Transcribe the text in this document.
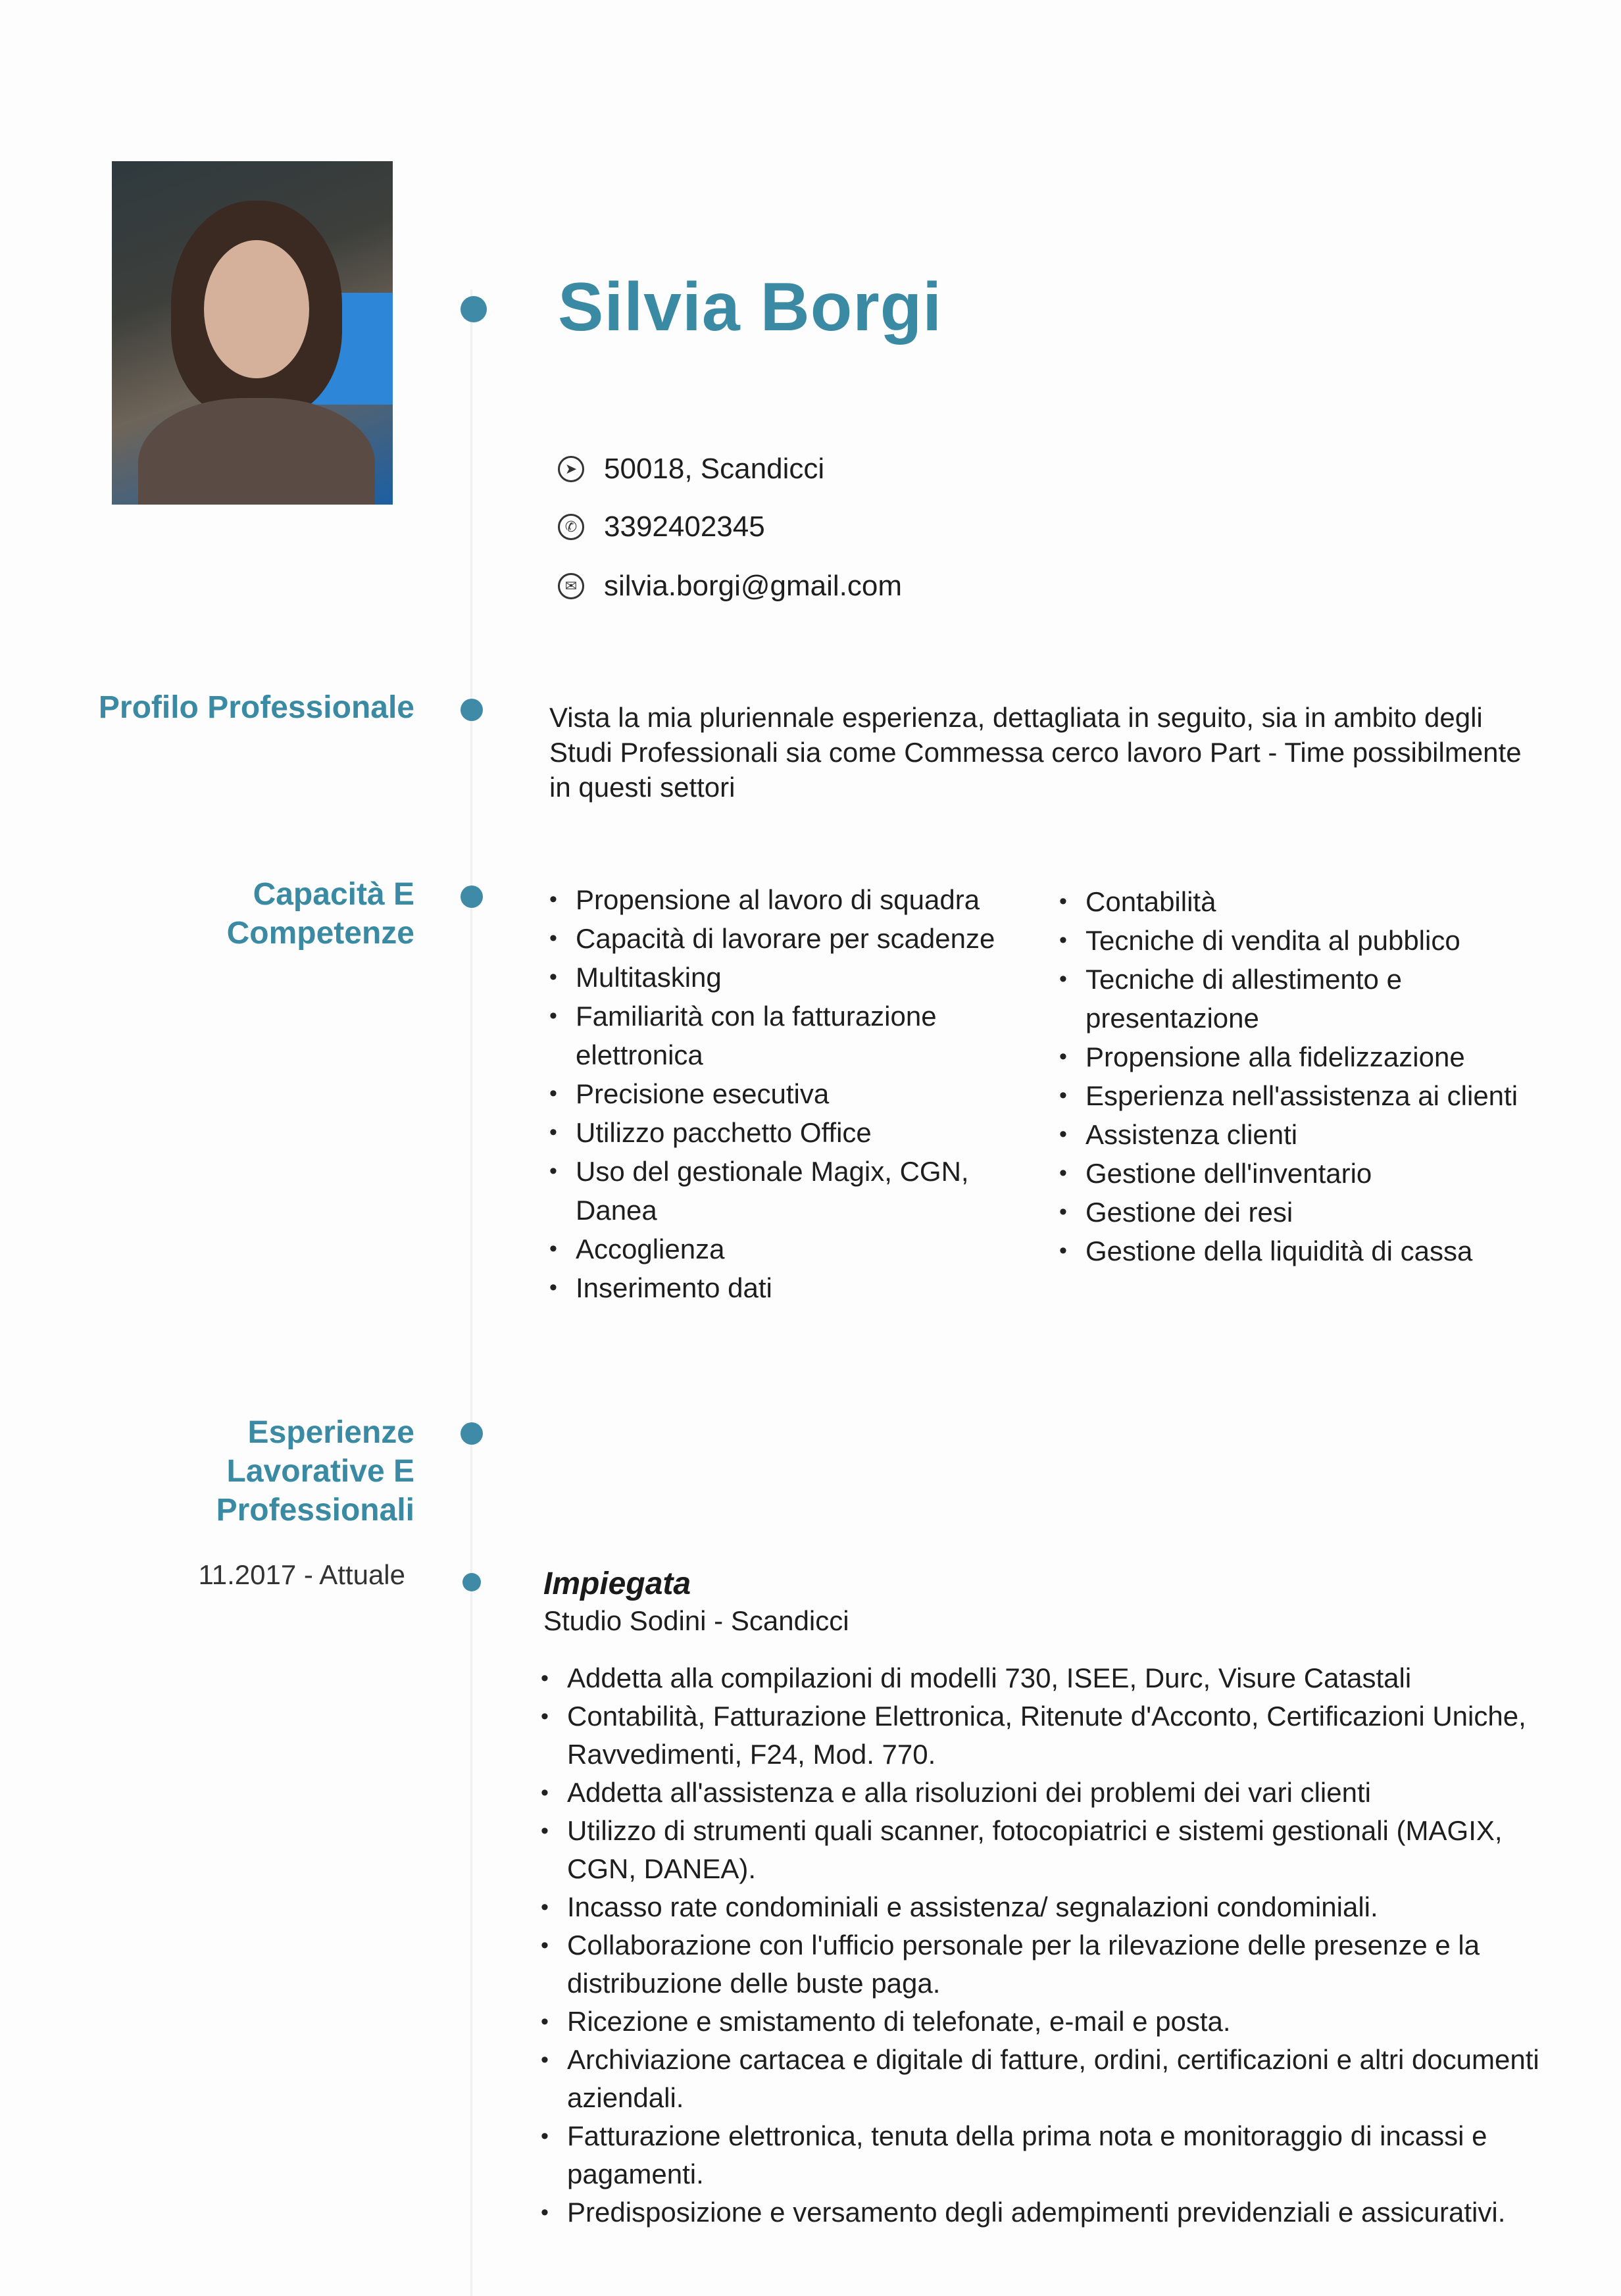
Silvia Borgi
➤ 50018, Scandicci
✆ 3392402345
✉ silvia.borgi@gmail.com
Profilo Professionale	Vista la mia pluriennale esperienza, dettagliata in seguito, sia in ambito degli Studi Professionali sia come Commessa cerco lavoro Part - Time possibilmente in questi settori
Capacità E
Competenze
• Propensione al lavoro di squadra
• Capacità di lavorare per scadenze
• Multitasking
• Familiarità con la fatturazione elettronica
• Precisione esecutiva
• Utilizzo pacchetto Office
• Uso del gestionale Magix, CGN, Danea
• Accoglienza
• Inserimento dati
• Contabilità
• Tecniche di vendita al pubblico
• Tecniche di allestimento e presentazione
• Propensione alla fidelizzazione
• Esperienza nell'assistenza ai clienti
• Assistenza clienti
• Gestione dell'inventario
• Gestione dei resi
• Gestione della liquidità di cassa
Esperienze
Lavorative E
Professionali
11.2017 - Attuale	Impiegata
Studio Sodini - Scandicci
• Addetta alla compilazioni di modelli 730, ISEE, Durc, Visure Catastali
• Contabilità, Fatturazione Elettronica, Ritenute d'Acconto, Certificazioni Uniche, Ravvedimenti, F24, Mod. 770.
• Addetta all'assistenza e alla risoluzioni dei problemi dei vari clienti
• Utilizzo di strumenti quali scanner, fotocopiatrici e sistemi gestionali (MAGIX, CGN, DANEA).
• Incasso rate condominiali e assistenza/ segnalazioni condominiali.
• Collaborazione con l'ufficio personale per la rilevazione delle presenze e la distribuzione delle buste paga.
• Ricezione e smistamento di telefonate, e-mail e posta.
• Archiviazione cartacea e digitale di fatture, ordini, certificazioni e altri documenti aziendali.
• Fatturazione elettronica, tenuta della prima nota e monitoraggio di incassi e pagamenti.
• Predisposizione e versamento degli adempimenti previdenziali e assicurativi.
